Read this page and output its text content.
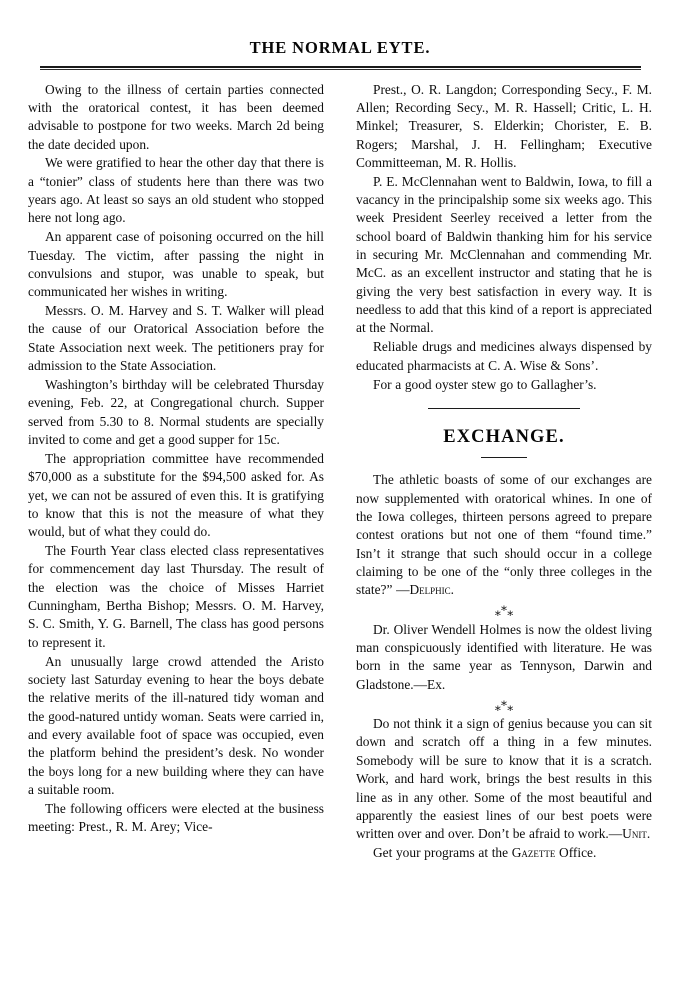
THE NORMAL EYTE.

Owing to the illness of certain parties connected with the oratorical contest, it has been deemed advisable to postpone for two weeks. March 2d being the date decided upon.

We were gratified to hear the other day that there is a “tonier” class of students here than there was two years ago. At least so says an old student who stopped here not long ago.

An apparent case of poisoning occurred on the hill Tuesday. The victim, after passing the night in convulsions and stupor, was unable to speak, but communicated her wishes in writing.

Messrs. O. M. Harvey and S. T. Walker will plead the cause of our Oratorical Association before the State Association next week. The petitioners pray for admission to the State Association.

Washington’s birthday will be celebrated Thursday evening, Feb. 22, at Congregational church. Supper served from 5.30 to 8. Normal students are specially invited to come and get a good supper for 15c.

The appropriation committee have recommended $70,000 as a substitute for the $94,500 asked for. As yet, we can not be assured of even this. It is gratifying to know that this is not the measure of what they would, but of what they could do.

The Fourth Year class elected class representatives for commencement day last Thursday. The result of the election was the choice of Misses Harriet Cunningham, Bertha Bishop; Messrs. O. M. Harvey, S. C. Smith, Y. G. Barnell, The class has good persons to represent it.

An unusually large crowd attended the Aristo society last Saturday evening to hear the boys debate the relative merits of the ill-natured tidy woman and the good-natured untidy woman. Seats were carried in, and every available foot of space was occupied, even the platform behind the president’s desk. No wonder the boys long for a new building where they can have a suitable room.

The following officers were elected at the business meeting: Prest., R. M. Arey; Vice-

Prest., O. R. Langdon; Corresponding Secy., F. M. Allen; Recording Secy., M. R. Hassell; Critic, L. H. Minkel; Treasurer, S. Elderkin; Chorister, E. B. Rogers; Marshal, J. H. Fellingham; Executive Committeeman, M. R. Hollis.

P. E. McClennahan went to Baldwin, Iowa, to fill a vacancy in the principalship some six weeks ago. This week President Seerley received a letter from the school board of Baldwin thanking him for his service in securing Mr. McClennahan and commending Mr. McC. as an excellent instructor and stating that he is giving the very best satisfaction in every way. It is needless to add that this kind of a report is appreciated at the Normal.

Reliable drugs and medicines always dispensed by educated pharmacists at C. A. Wise & Sons’.

For a good oyster stew go to Gallagher’s.

EXCHANGE.

The athletic boasts of some of our exchanges are now supplemented with oratorical whines. In one of the Iowa colleges, thirteen persons agreed to prepare contest orations but not one of them “found time.” Isn’t it strange that such should occur in a college claiming to be one of the “only three colleges in the state?” —Delphic.

∗∗∗

Dr. Oliver Wendell Holmes is now the oldest living man conspicuously identified with literature. He was born in the same year as Tennyson, Darwin and Gladstone.—Ex.

∗∗∗

Do not think it a sign of genius because you can sit down and scratch off a thing in a few minutes. Somebody will be sure to know that it is a scratch. Work, and hard work, brings the best results in this line as in any other. Some of the most beautiful and apparently the easiest lines of our best poets were written over and over. Don’t be afraid to work.—Unit.

Get your programs at the Gazette Office.
